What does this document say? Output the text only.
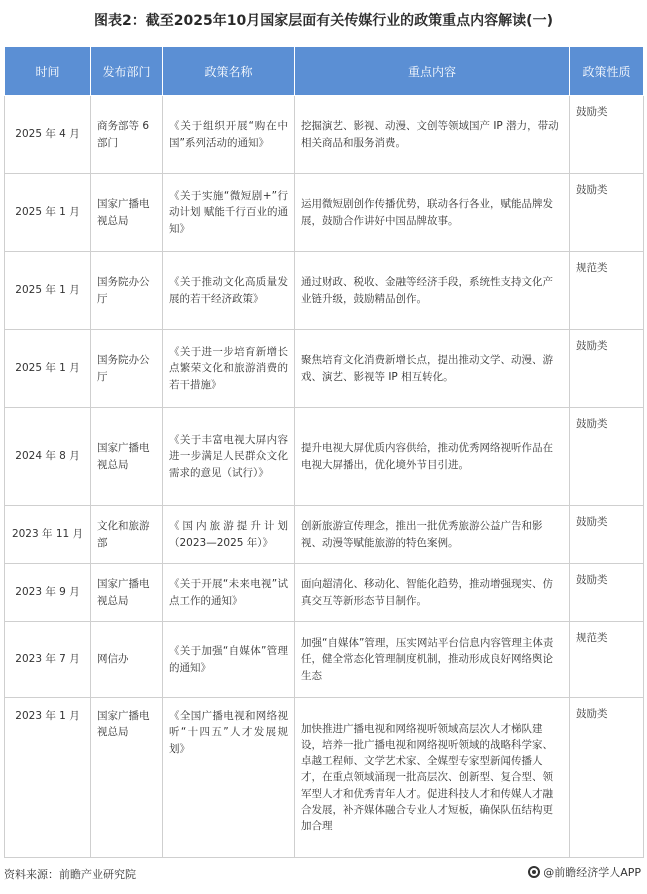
图表2：截至2025年10月国家层面有关传媒行业的政策重点内容解读(一)
时间	发布部门	政策名称	重点内容	政策性质
2025 年 4 月	商务部等 6 部门	《关于组织开展“购在中国”系列活动的通知》	挖掘演艺、影视、动漫、文创等领域国产 IP 潜力，带动相关商品和服务消费。	鼓励类
2025 年 1 月	国家广播电视总局	《关于实施“微短剧+”行动计划 赋能千行百业的通知》	运用微短剧创作传播优势，联动各行各业，赋能品牌发展，鼓励合作讲好中国品牌故事。	鼓励类
2025 年 1 月	国务院办公厅	《关于推动文化高质量发展的若干经济政策》	通过财政、税收、金融等经济手段，系统性支持文化产业链升级，鼓励精品创作。	规范类
2025 年 1 月	国务院办公厅	《关于进一步培育新增长点繁荣文化和旅游消费的若干措施》	聚焦培育文化消费新增长点，提出推动文学、动漫、游戏、演艺、影视等 IP 相互转化。	鼓励类
2024 年 8 月	国家广播电视总局	《关于丰富电视大屏内容进一步满足人民群众文化需求的意见（试行）》	提升电视大屏优质内容供给，推动优秀网络视听作品在电视大屏播出，优化境外节目引进。	鼓励类
2023 年 11 月	文化和旅游部	《国内旅游提升计划（2023—2025 年）》	创新旅游宣传理念，推出一批优秀旅游公益广告和影视、动漫等赋能旅游的特色案例。	鼓励类
2023 年 9 月	国家广播电视总局	《关于开展“未来电视”试点工作的通知》	面向超清化、移动化、智能化趋势，推动增强现实、仿真交互等新形态节目制作。	鼓励类
2023 年 7 月	网信办	《关于加强“自媒体”管理的通知》	加强“自媒体”管理，压实网站平台信息内容管理主体责任，健全常态化管理制度机制，推动形成良好网络舆论生态	规范类
2023 年 1 月	国家广播电视总局	《全国广播电视和网络视听“十四五”人才发展规划》	加快推进广播电视和网络视听领域高层次人才梯队建设，培养一批广播电视和网络视听领域的战略科学家、卓越工程师、文学艺术家、全媒型专家型新闻传播人才，在重点领域涌现一批高层次、创新型、复合型、领军型人才和优秀青年人才。促进科技人才和传媒人才融合发展，补齐媒体融合专业人才短板，确保队伍结构更加合理	鼓励类
资料来源：前瞻产业研究院	@前瞻经济学人APP
